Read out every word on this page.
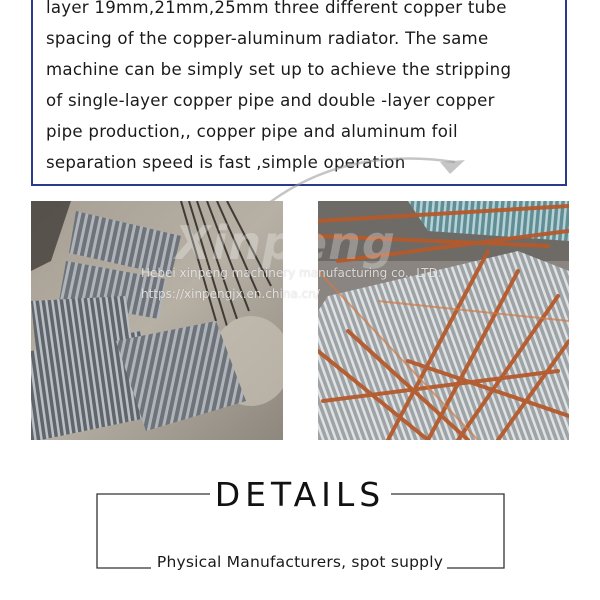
layer 19mm,21mm,25mm three different copper tube
spacing of the copper-aluminum radiator. The same
machine can be simply set up to achieve the stripping
of single-layer copper pipe and double -layer copper
pipe production,, copper pipe and aluminum foil
separation speed is fast ,simple operation
Xinpeng
Hebei xinpeng machinery manufacturing co., LTD.
https://xinpengjx.en.china.cn/
DETAILS
Physical Manufacturers, spot supply
